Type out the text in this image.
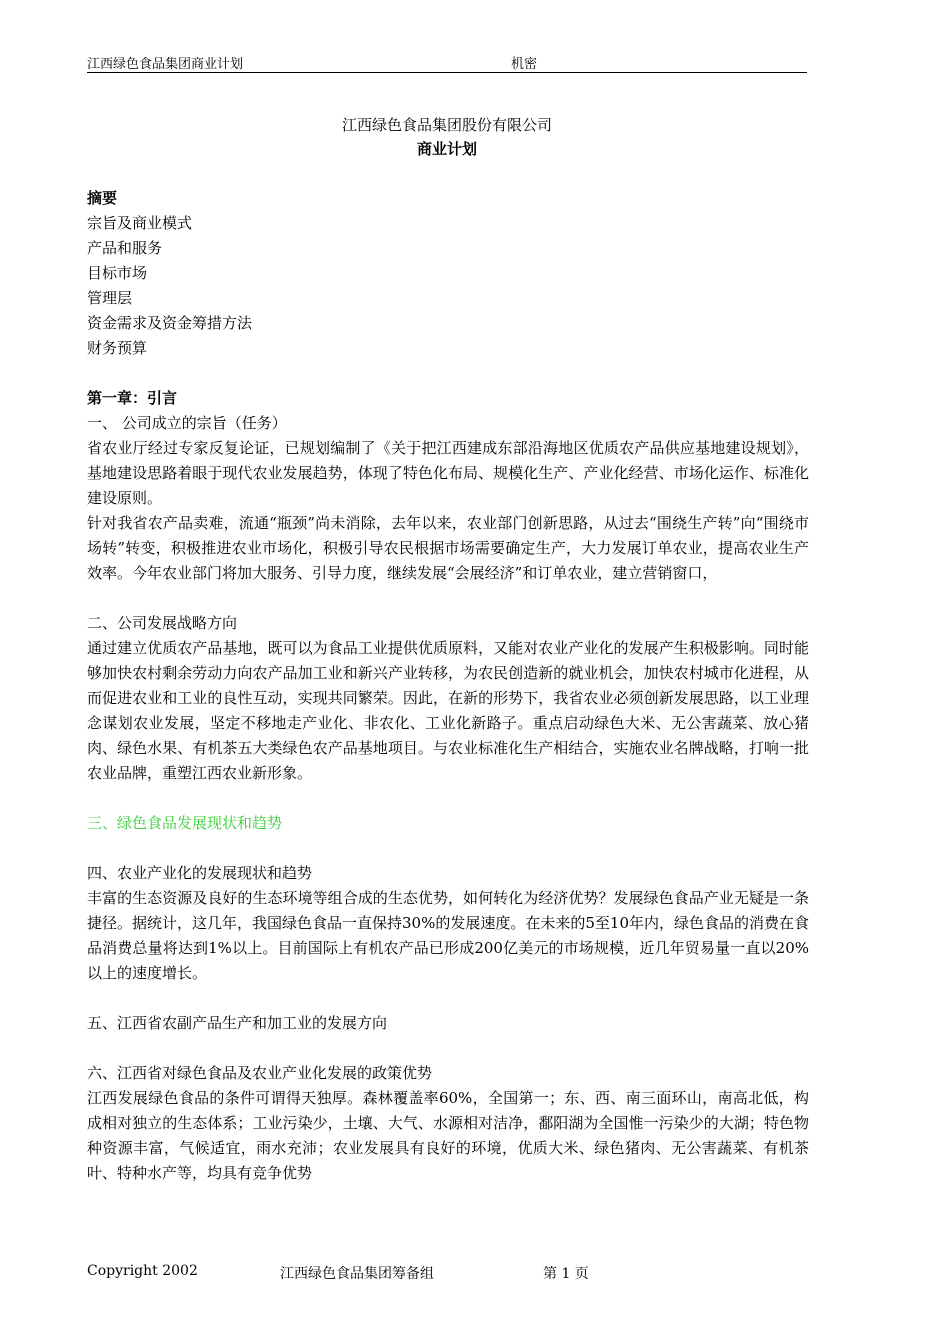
江西绿色食品集团商业计划	机密
江西绿色食品集团股份有限公司
商业计划

摘要

宗旨及商业模式

产品和服务

目标市场

管理层

资金需求及资金筹措方法

财务预算

第一章：引言

一、 公司成立的宗旨（任务）

省农业厅经过专家反复论证，已规划编制了《关于把江西建成东部沿海地区优质农产品供应基地建设规划》，基地建设思路着眼于现代农业发展趋势，体现了特色化布局、规模化生产、产业化经营、市场化运作、标准化建设原则。

针对我省农产品卖难，流通“瓶颈”尚未消除，去年以来，农业部门创新思路，从过去“围绕生产转”向“围绕市场转”转变，积极推进农业市场化，积极引导农民根据市场需要确定生产，大力发展订单农业，提高农业生产效率。今年农业部门将加大服务、引导力度，继续发展“会展经济”和订单农业，建立营销窗口，

二、公司发展战略方向

通过建立优质农产品基地，既可以为食品工业提供优质原料，又能对农业产业化的发展产生积极影响。同时能够加快农村剩余劳动力向农产品加工业和新兴产业转移，为农民创造新的就业机会，加快农村城市化进程，从而促进农业和工业的良性互动，实现共同繁荣。因此，在新的形势下，我省农业必须创新发展思路，以工业理念谋划农业发展，坚定不移地走产业化、非农化、工业化新路子。重点启动绿色大米、无公害蔬菜、放心猪肉、绿色水果、有机茶五大类绿色农产品基地项目。与农业标准化生产相结合，实施农业名牌战略，打响一批农业品牌，重塑江西农业新形象。

三、绿色食品发展现状和趋势

四、农业产业化的发展现状和趋势

丰富的生态资源及良好的生态环境等组合成的生态优势，如何转化为经济优势？发展绿色食品产业无疑是一条捷径。据统计，这几年，我国绿色食品一直保持30%的发展速度。在未来的5至10年内，绿色食品的消费在食品消费总量将达到1%以上。目前国际上有机农产品已形成200亿美元的市场规模，近几年贸易量一直以20%以上的速度增长。

五、江西省农副产品生产和加工业的发展方向

六、江西省对绿色食品及农业产业化发展的政策优势

江西发展绿色食品的条件可谓得天独厚。森林覆盖率60%，全国第一；东、西、南三面环山，南高北低，构成相对独立的生态体系；工业污染少，土壤、大气、水源相对洁净，鄱阳湖为全国惟一污染少的大湖；特色物种资源丰富，气候适宜，雨水充沛；农业发展具有良好的环境，优质大米、绿色猪肉、无公害蔬菜、有机茶叶、特种水产等，均具有竞争优势

Copyright 2002	江西绿色食品集团筹备组	第 1 页
